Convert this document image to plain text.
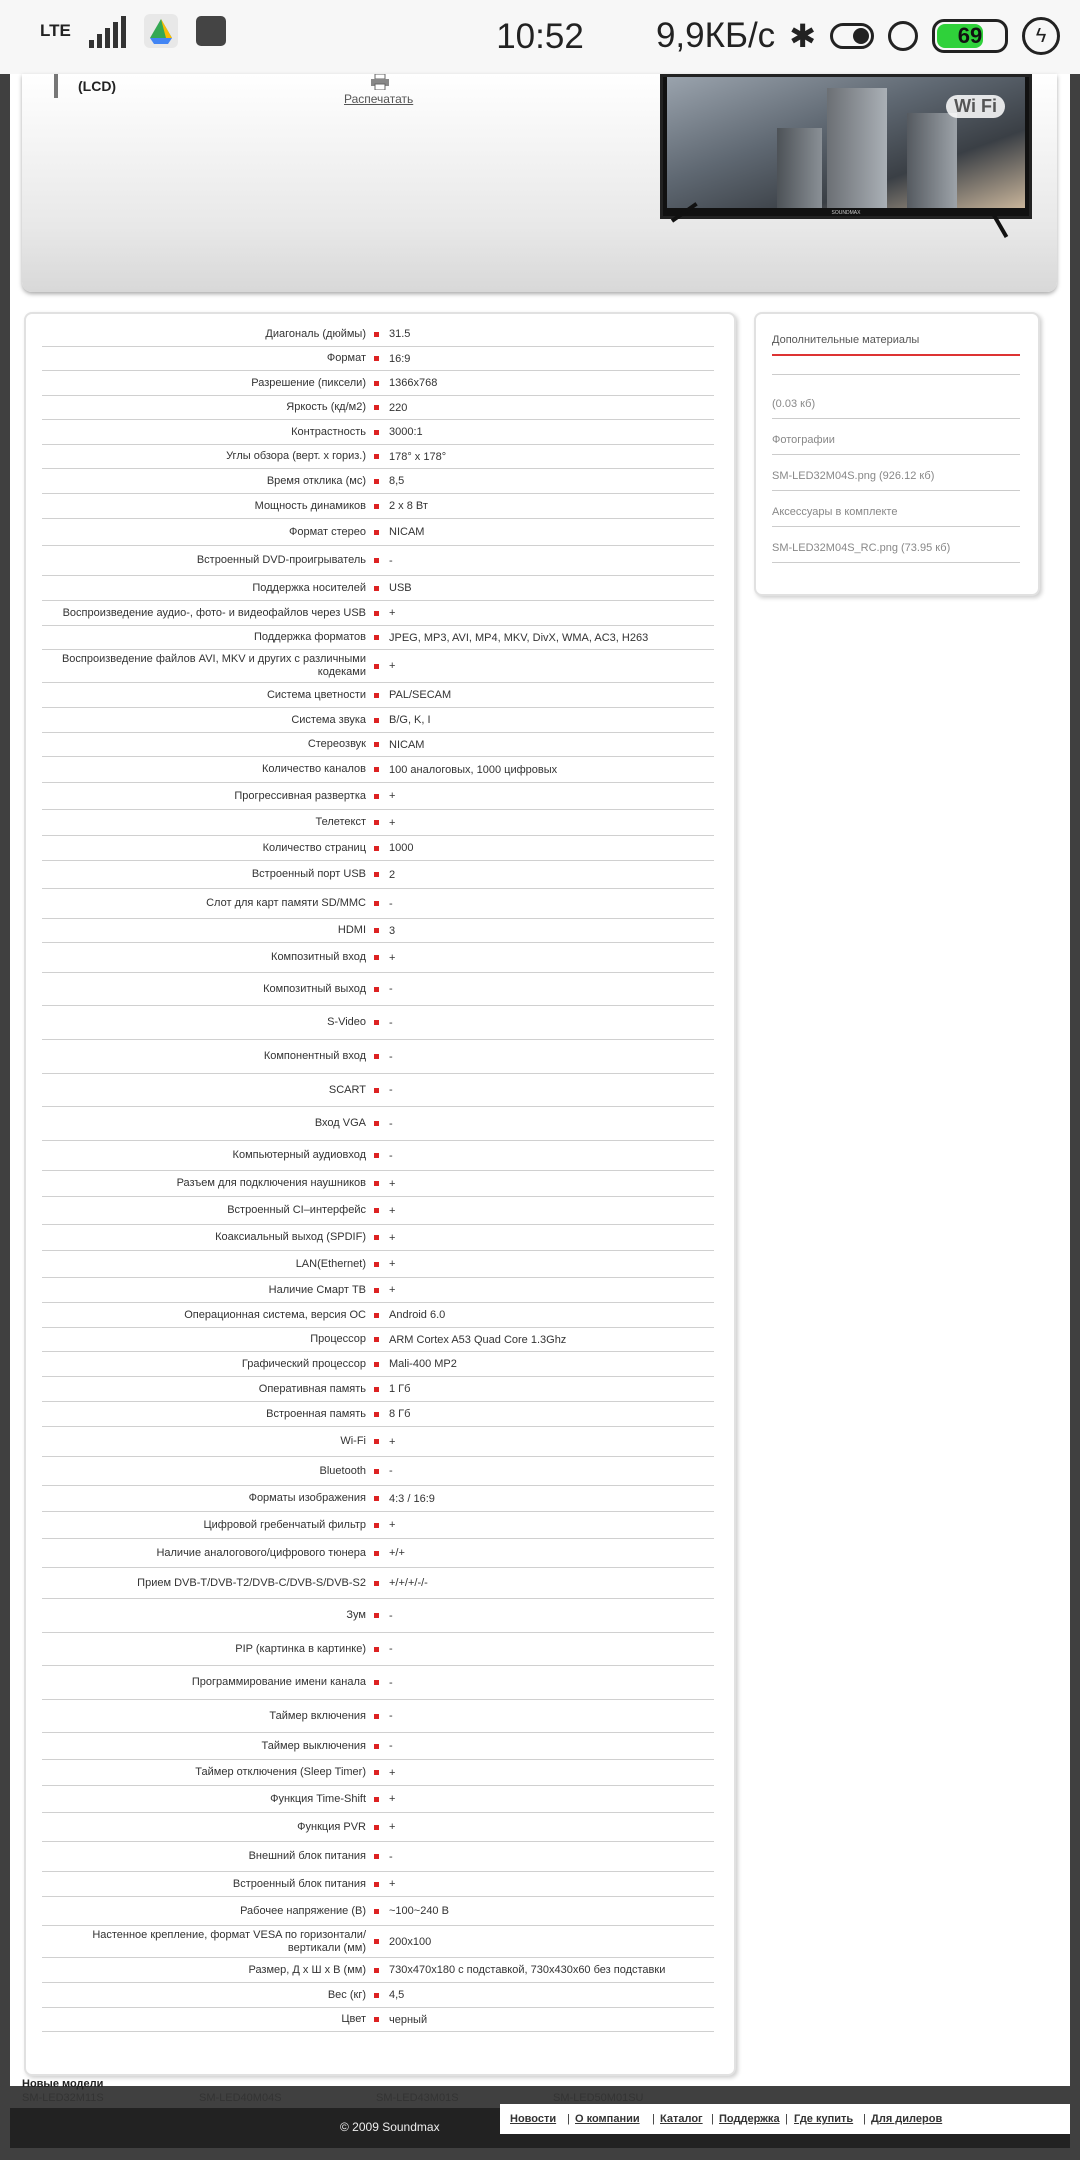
LTE	10:52	9,9КБ/с ✱	69	ϟ
(LCD)
Распечатать	Wi Fi
SOUNDMAX
Диагональ (дюймы)	31.5
Формат	16:9
Разрешение (пиксели)	1366x768
Яркость (кд/м2)	220
Контрастность	3000:1
Углы обзора (верт. x гориз.)	178° x 178°
Время отклика (мс)	8,5
Мощность динамиков	2 x 8 Вт
Формат стерео	NICAM
Встроенный DVD-проигрыватель	-
Поддержка носителей	USB
Воспроизведение аудио-, фото- и видеофайлов через USB	+
Поддержка форматов	JPEG, MP3, AVI, MP4, MKV, DivX, WMA, AC3, H263
Воспроизведение файлов AVI, MKV и других с различными кодеками	+
Система цветности	PAL/SECAM
Система звука	B/G, K, I
Стереозвук	NICAM
Количество каналов	100 аналоговых, 1000 цифровых
Прогрессивная развертка	+
Телетекст	+
Количество страниц	1000
Встроенный порт USB	2
Слот для карт памяти SD/MMC	-
HDMI	3
Композитный вход	+
Композитный выход	-
S-Video	-
Компонентный вход	-
SCART	-
Вход VGA	-
Компьютерный аудиовход	-
Разъем для подключения наушников	+
Встроенный CI–интерфейс	+
Коаксиальный выход (SPDIF)	+
LAN(Ethernet)	+
Наличие Смарт ТВ	+
Операционная система, версия ОС	Android 6.0
Процессор	ARM Cortex A53 Quad Core 1.3Ghz
Графический процессор	Mali-400 MP2
Оперативная память	1 Гб
Встроенная память	8 Гб
Wi-Fi	+
Bluetooth	-
Форматы изображения	4:3 / 16:9
Цифровой гребенчатый фильтр	+
Наличие аналогового/цифрового тюнера	+/+
Прием DVB-T/DVB-T2/DVB-C/DVB-S/DVB-S2	+/+/+/-/-
Зум	-
PIP (картинка в картинке)	-
Программирование имени канала	-
Таймер включения	-
Таймер выключения	-
Таймер отключения (Sleep Timer)	+
Функция Time-Shift	+
Функция PVR	+
Внешний блок питания	-
Встроенный блок питания	+
Рабочее напряжение (В)	~100~240 В
Настенное крепление, формат VESA по горизонтали/вертикали (мм)	200x100
Размер, Д x Ш x В (мм)	730x470x180 с подставкой, 730x430x60 без подставки
Вес (кг)	4,5
Цвет	черный
Дополнительные материалы
(0.03 кб)
Фотографии
SM-LED32M04S.png (926.12 кб)
Аксессуары в комплекте
SM-LED32M04S_RC.png (73.95 кб)
Новые модели
SM-LED32M11S	SM-LED40M04S	SM-LED43M01S	SM-LED50M01SU
© 2009 Soundmax
Новости | О компании | Каталог | Поддержка | Где купить | Для дилеров
